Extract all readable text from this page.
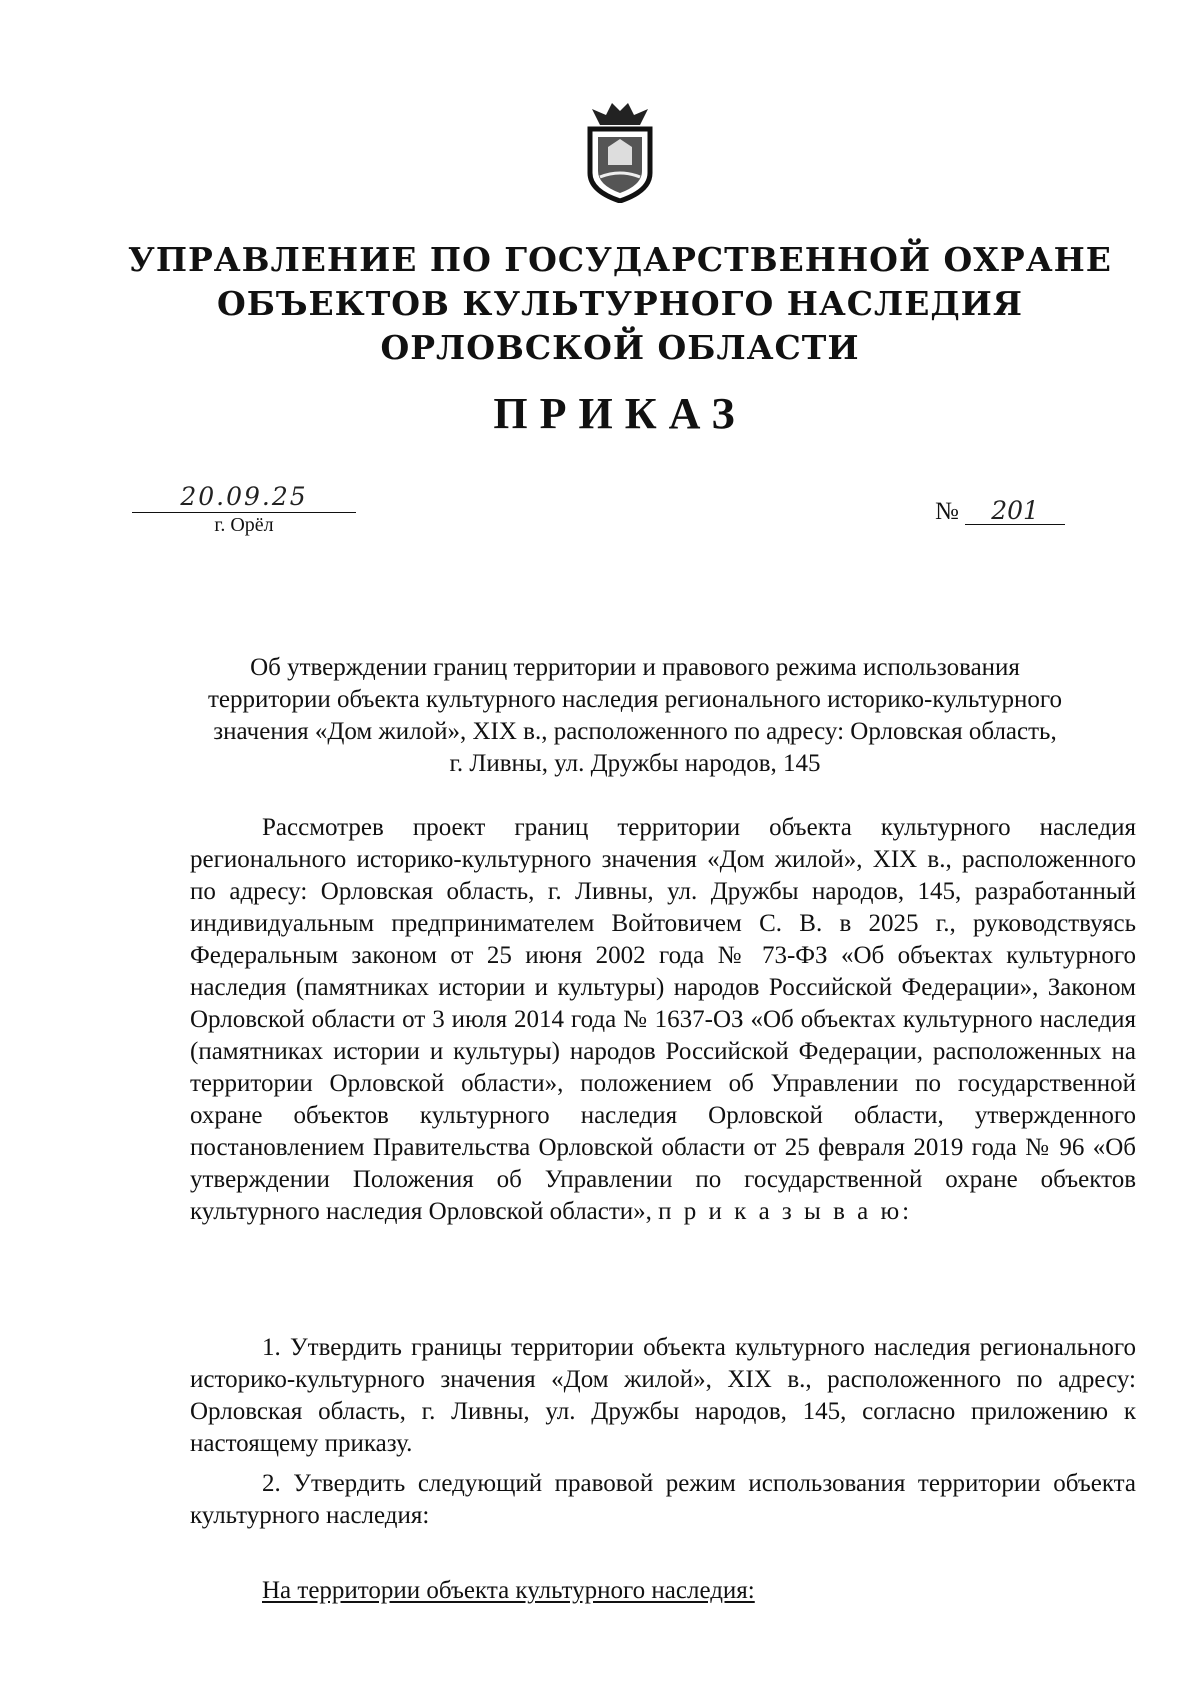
УПРАВЛЕНИЕ ПО ГОСУДАРСТВЕННОЙ ОХРАНЕ
ОБЪЕКТОВ КУЛЬТУРНОГО НАСЛЕДИЯ
ОРЛОВСКОЙ ОБЛАСТИ
ПРИКАЗ
20.09.25
г. Орёл	№ 201
Об утверждении границ территории и правового режима использования
территории объекта культурного наследия регионального историко-культурного
значения «Дом жилой», XIX в., расположенного по адресу: Орловская область,
г. Ливны, ул. Дружбы народов, 145
Рассмотрев проект границ территории объекта культурного наследия регионального историко-культурного значения «Дом жилой», XIX в., расположенного по адресу: Орловская область, г. Ливны, ул. Дружбы народов, 145, разработанный индивидуальным предпринимателем Войтовичем С. В. в 2025 г., руководствуясь Федеральным законом от 25 июня 2002 года № 73-ФЗ «Об объектах культурного наследия (памятниках истории и культуры) народов Российской Федерации», Законом Орловской области от 3 июля 2014 года № 1637-ОЗ «Об объектах культурного наследия (памятниках истории и культуры) народов Российской Федерации, расположенных на территории Орловской области», положением об Управлении по государственной охране объектов культурного наследия Орловской области, утвержденного постановлением Правительства Орловской области от 25 февраля 2019 года № 96 «Об утверждении Положения об Управлении по государственной охране объектов культурного наследия Орловской области», п р и к а з ы в а ю:
1. Утвердить границы территории объекта культурного наследия регионального историко-культурного значения «Дом жилой», XIX в., расположенного по адресу: Орловская область, г. Ливны, ул. Дружбы народов, 145, согласно приложению к настоящему приказу.
2. Утвердить следующий правовой режим использования территории объекта культурного наследия:
На территории объекта культурного наследия:
